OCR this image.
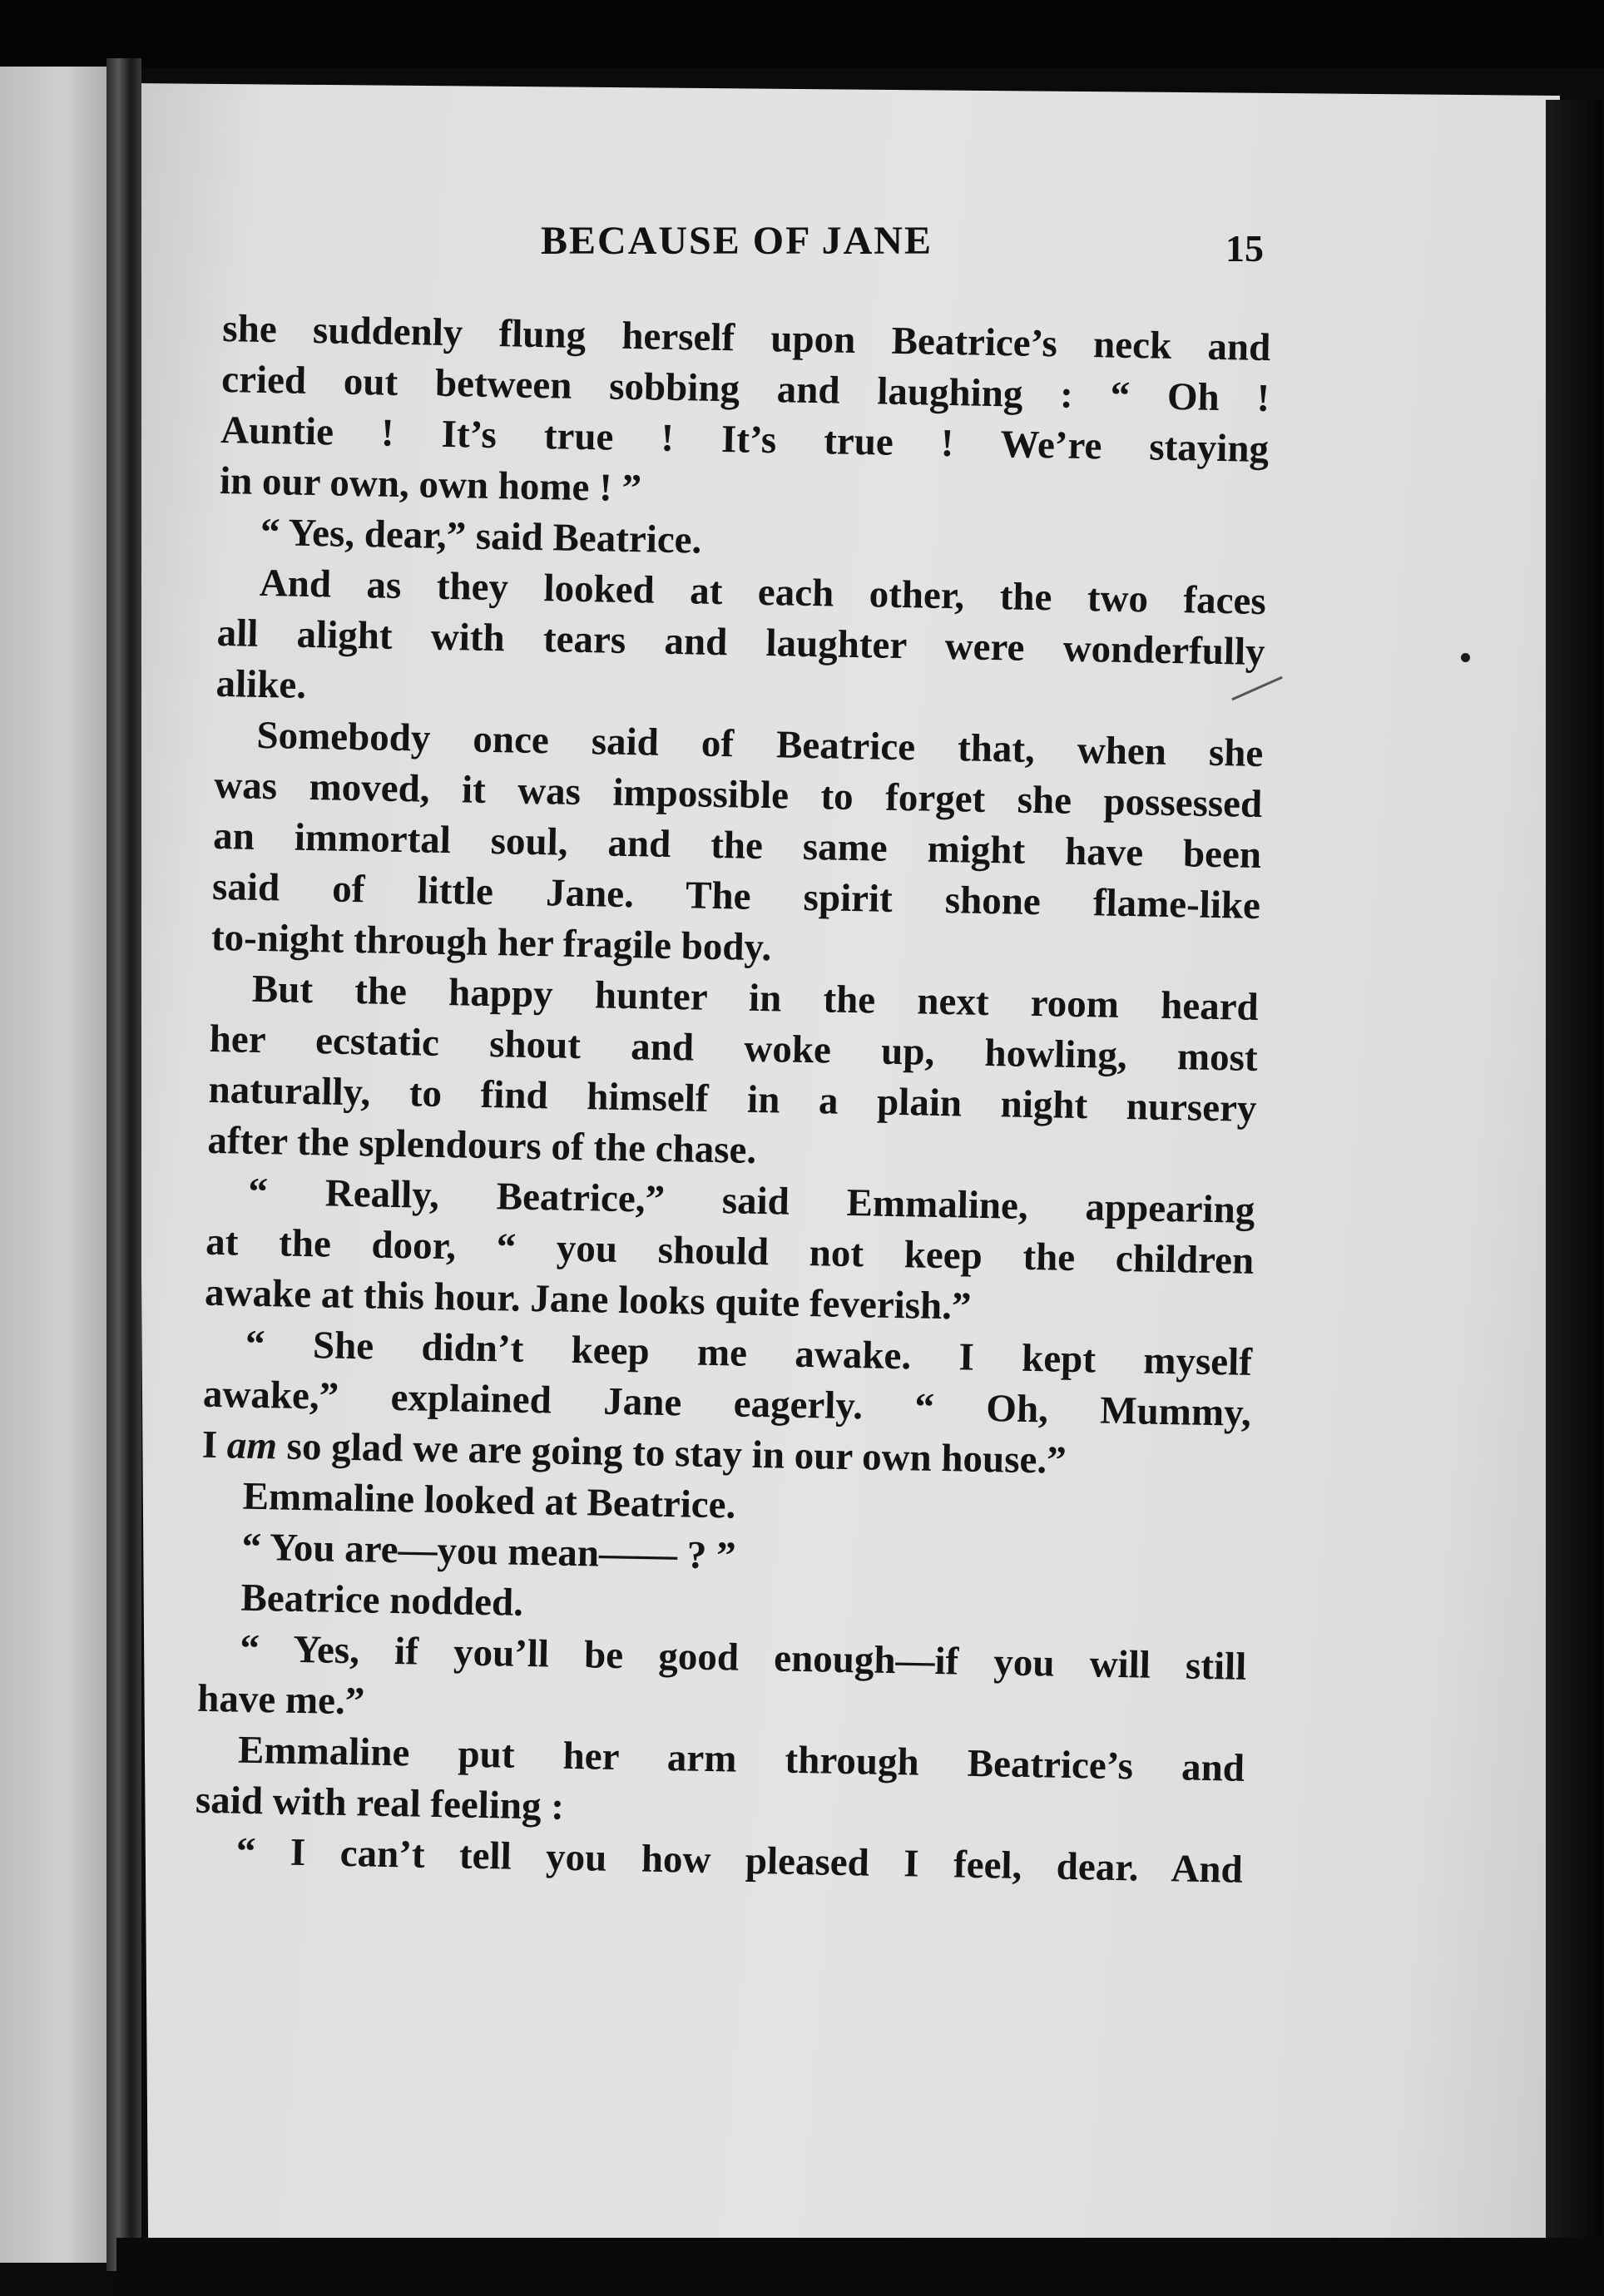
BECAUSE OF JANE	15
she suddenly flung herself upon Beatrice’s neck and
cried out between sobbing and laughing : “ Oh !
Auntie ! It’s true ! It’s true ! We’re staying
in our own, own home ! ”
“ Yes, dear,” said Beatrice.
And as they looked at each other, the two faces
all alight with tears and laughter were wonderfully
alike.
Somebody once said of Beatrice that, when she
was moved, it was impossible to forget she possessed
an immortal soul, and the same might have been
said of little Jane. The spirit shone flame-like
to-night through her fragile body.
But the happy hunter in the next room heard
her ecstatic shout and woke up, howling, most
naturally, to find himself in a plain night nursery
after the splendours of the chase.
“ Really, Beatrice,” said Emmaline, appearing
at the door, “ you should not keep the children
awake at this hour. Jane looks quite feverish.”
“ She didn’t keep me awake. I kept myself
awake,” explained Jane eagerly. “ Oh, Mummy,
I am so glad we are going to stay in our own house.”
Emmaline looked at Beatrice.
“ You are—you mean—— ? ”
Beatrice nodded.
“ Yes, if you’ll be good enough—if you will still
have me.”
Emmaline put her arm through Beatrice’s and
said with real feeling :
“ I can’t tell you how pleased I feel, dear. And
